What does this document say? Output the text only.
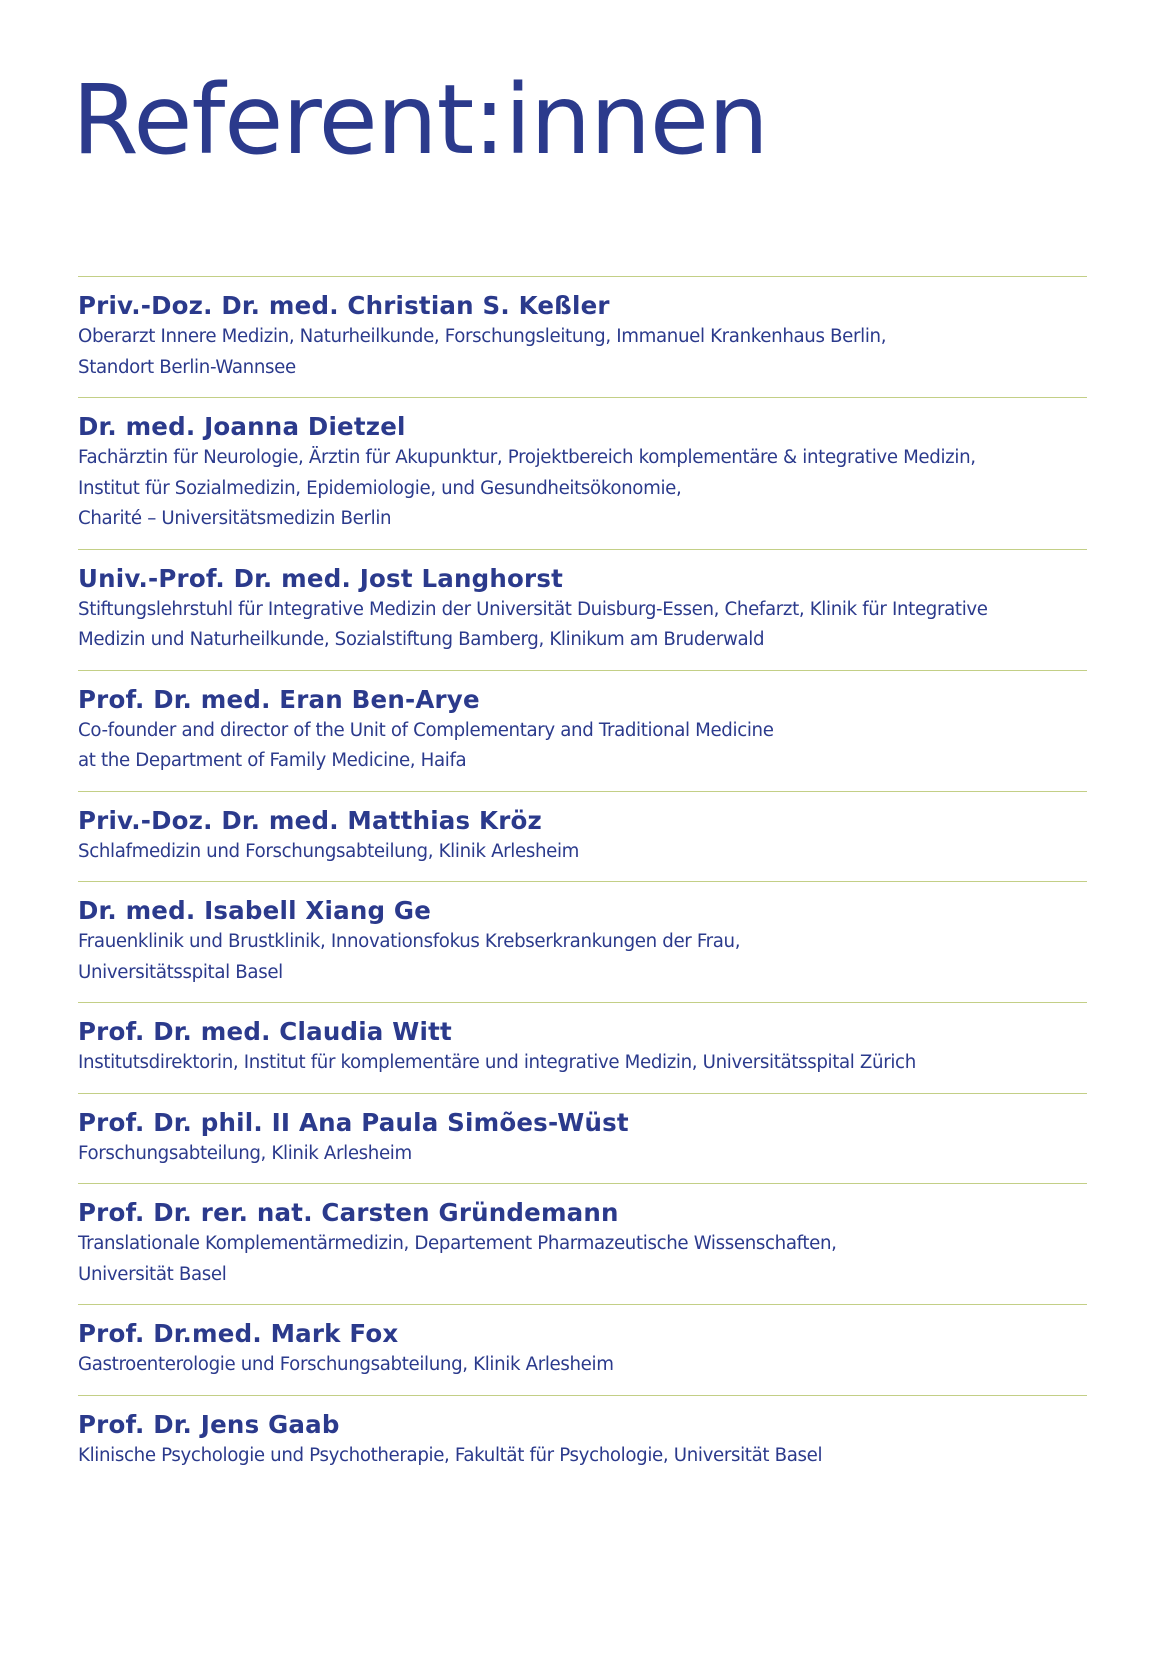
Referent:innen
Priv.-Doz. Dr. med. Christian S. Keßler
Oberarzt Innere Medizin, Naturheilkunde, Forschungsleitung, Immanuel Krankenhaus Berlin,
Standort Berlin-Wannsee
Dr. med. Joanna Dietzel
Fachärztin für Neurologie, Ärztin für Akupunktur, Projektbereich komplementäre & integrative Medizin,
Institut für Sozialmedizin, Epidemiologie, und Gesundheitsökonomie,
Charité – Universitätsmedizin Berlin
Univ.-Prof. Dr. med. Jost Langhorst
Stiftungslehrstuhl für Integrative Medizin der Universität Duisburg-Essen, Chefarzt, Klinik für Integrative
Medizin und Naturheilkunde, Sozialstiftung Bamberg, Klinikum am Bruderwald
Prof. Dr. med. Eran Ben-Arye
Co-founder and director of the Unit of Complementary and Traditional Medicine
at the Department of Family Medicine, Haifa
Priv.-Doz. Dr. med. Matthias Kröz
Schlafmedizin und Forschungsabteilung, Klinik Arlesheim
Dr. med. Isabell Xiang Ge
Frauenklinik und Brustklinik, Innovationsfokus Krebserkrankungen der Frau,
Universitätsspital Basel
Prof. Dr. med. Claudia Witt
Institutsdirektorin, Institut für komplementäre und integrative Medizin, Universitätsspital Zürich
Prof. Dr. phil. II Ana Paula Simões-Wüst
Forschungsabteilung, Klinik Arlesheim
Prof. Dr. rer. nat. Carsten Gründemann
Translationale Komplementärmedizin, Departement Pharmazeutische Wissenschaften,
Universität Basel
Prof. Dr.med. Mark Fox
Gastroenterologie und Forschungsabteilung, Klinik Arlesheim
Prof. Dr. Jens Gaab
Klinische Psychologie und Psychotherapie, Fakultät für Psychologie, Universität Basel
